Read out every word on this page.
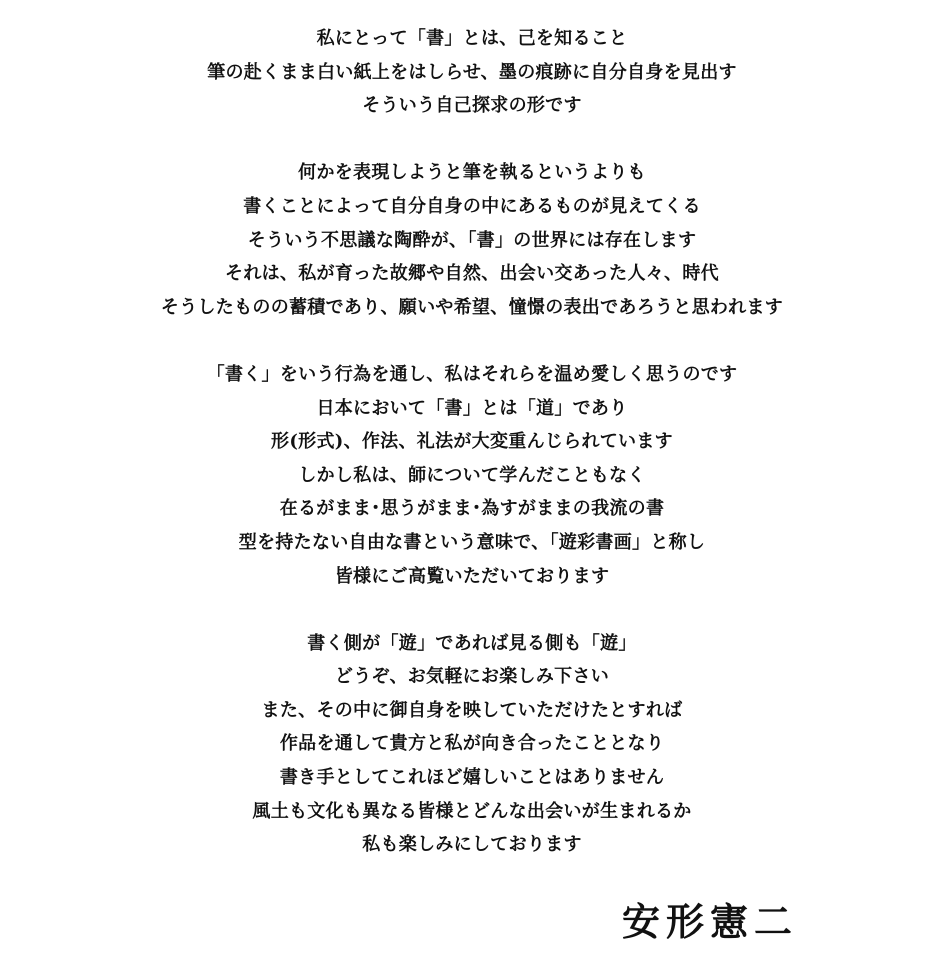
私にとって「書」とは、己を知ること
筆の赴くまま白い紙上をはしらせ、墨の痕跡に自分自身を見出す
そういう自己探求の形です
何かを表現しようと筆を執るというよりも
書くことによって自分自身の中にあるものが見えてくる
そういう不思議な陶酔が、「書」の世界には存在します
それは、私が育った故郷や自然、出会い交あった人々、時代
そうしたものの蓄積であり、願いや希望、憧憬の表出であろうと思われます
「書く」をいう行為を通し、私はそれらを温め愛しく思うのです
日本において「書」とは「道」であり
形(形式)、作法、礼法が大変重んじられています
しかし私は、師について学んだこともなく
在るがまま･思うがまま･為すがままの我流の書
型を持たない自由な書という意味で、「遊彩書画」と称し
皆様にご高覧いただいております
書く側が「遊」であれば見る側も「遊」
どうぞ、お気軽にお楽しみ下さい
また、その中に御自身を映していただけたとすれば
作品を通して貴方と私が向き合ったこととなり
書き手としてこれほど嬉しいことはありません
風土も文化も異なる皆様とどんな出会いが生まれるか
私も楽しみにしております
安形憲二
